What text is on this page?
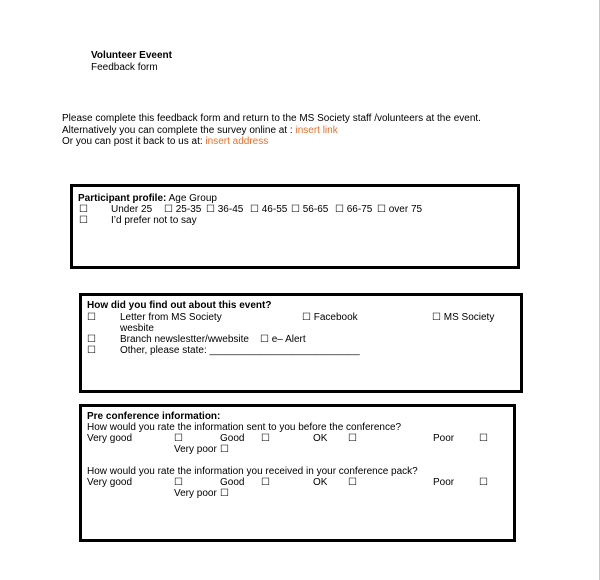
Volunteer Eveent
Feedback form
Please complete this feedback form and return to the MS Society staff /volunteers at the event.
Alternatively you can complete the survey online at : insert link
Or you can post it back to us at: insert address
Participant profile: Age Group
☐ Under 25 ☐ 25-35 ☐ 36-45 ☐ 46-55 ☐ 56-65 ☐ 66-75 ☐ over 75
☐ I’d prefer not to say
How did you find out about this event?
☐ Letter from MS Society	☐ Facebook	☐ MS Society
wesbite
☐ Branch newslestter/wwebsite ☐ e– Alert
☐ Other, please state: ___________________________
Pre conference information:
How would you rate the information sent to you before the conference?
Very good	☐	Good ☐	OK ☐	Poor ☐
Very poor ☐
How would you rate the information you received in your conference pack?
Very good	☐	Good ☐	OK ☐	Poor ☐
Very poor ☐
